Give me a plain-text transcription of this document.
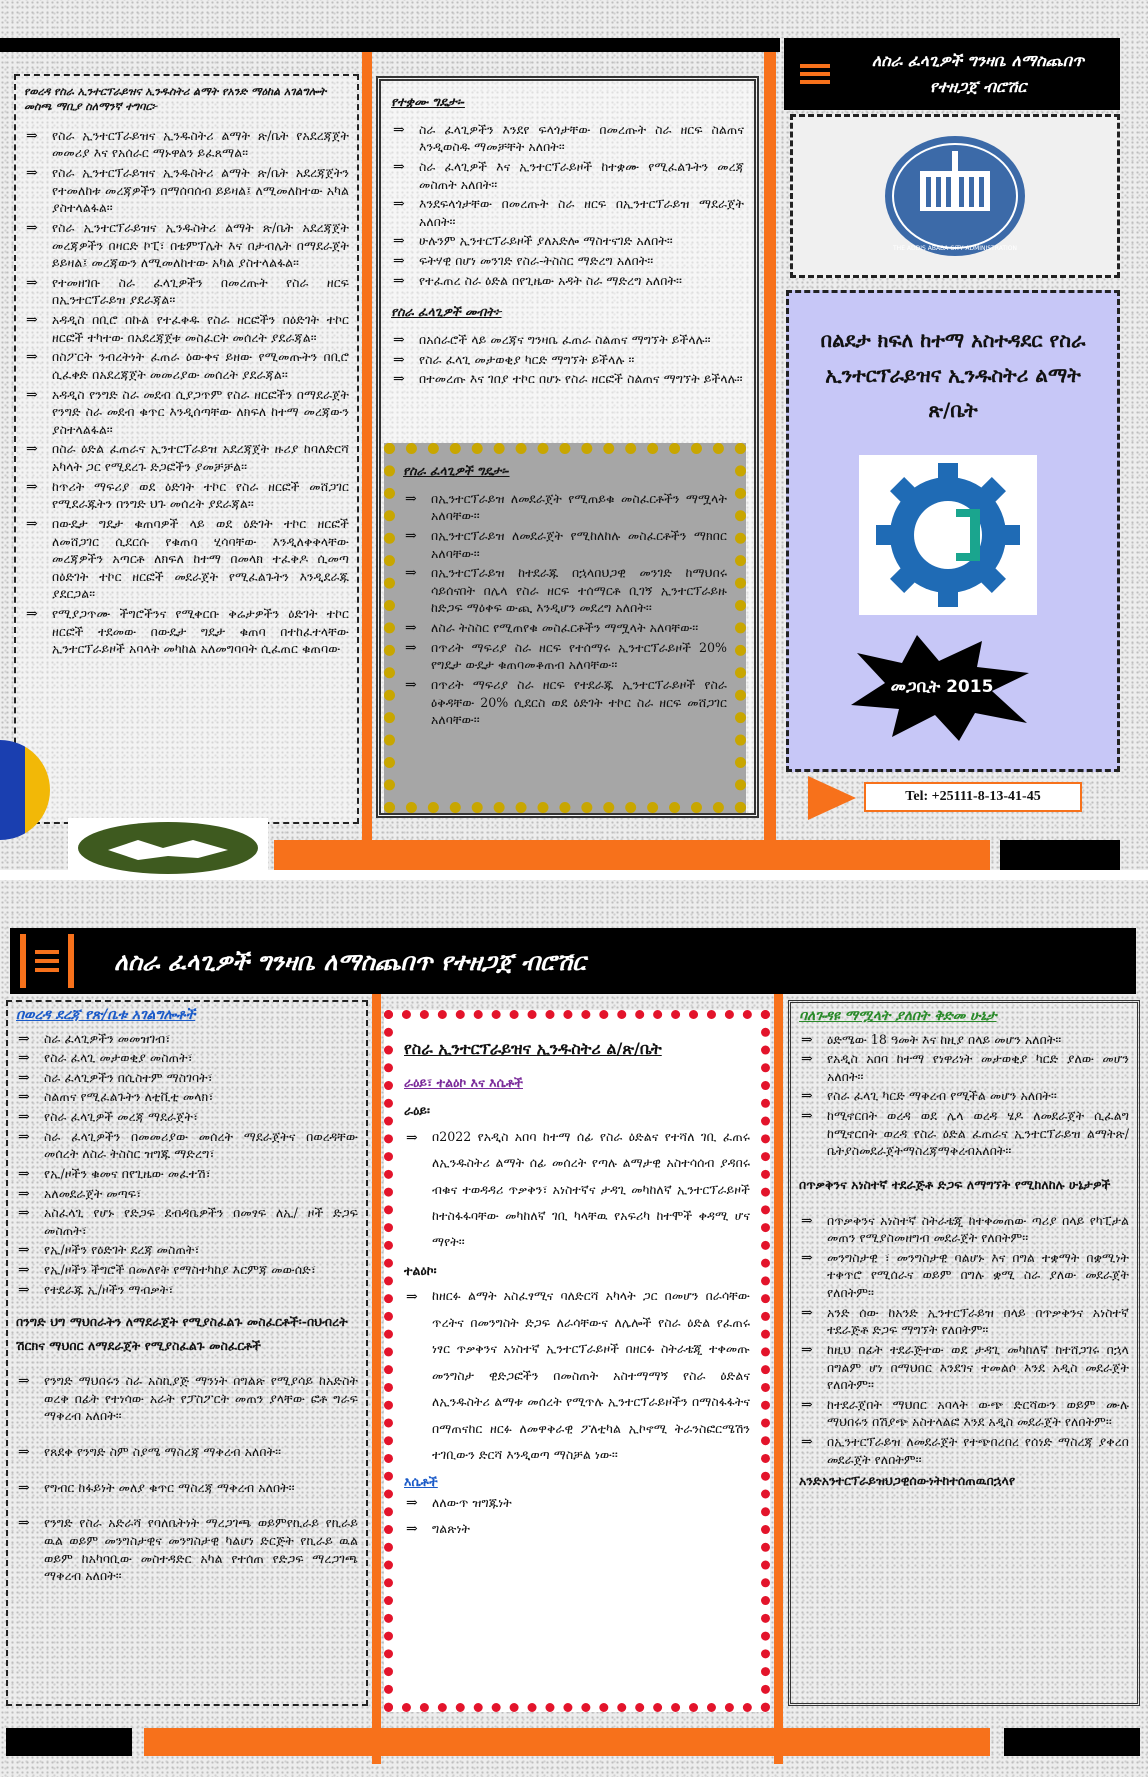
የወረዳ የስራ ኢንተርፕራይዝና ኢንዱስትሪ ልማት የአንድ ማዕከል አገልግሎት መስጫ ማቢያ ስለማንኛ ተግባር፦

⇒ የስራ ኢንተርፕራይዝና ኢንዱስትሪ ልማት ጽ/ቤት የአደረጃጀት መመሪያ እና የአሰራር ማኑዋልን ይፈጸማል፡፡
⇒ የስራ ኢንተርፕራይዝና ኢንዱስትሪ ልማት ጽ/ቤት አደረጃጀትን የተመለከቱ መረጃዎችን በማሰባሰብ ይይዛል፤ ለሚመለከተው አካል ያስተላልፋል፡፡
⇒ የስራ ኢንተርፕራይዝና ኢንዱስትሪ ልማት ጽ/ቤት አደረጃጀት መረጃዎችን በዛርድ ኮፒ፣ በቴምፕሌት እና በታብሌት በማደራጀት ይይዛል፤ መረጃውን ለሚመለከተው አካል ያስተላልፋል፡፡
⇒ የተመዘገቡ ስራ ፈላጊዎችን በመረጡት የስራ ዘርፍ በኢንተርፕራይዝ ያደራጃል፡፡
⇒ አዳዲስ በቢሮ በኩል የተፈቀዱ የስራ ዘርፎችን በዕድገት ተኮር ዘርፎች ተካተው በአደረጃጀቱ መስፈርት መሰረት ያደራጃል፡፡
⇒ በስፖርት ንብረትነት ፈጠራ ዕውቀና ይዘው የሚመጡትን በቢሮ ሲፈቀድ በአደረጃጀት መመሪያው መሰረት ያደራጃል፡፡
⇒ አዳዲስ የንግድ ስራ መደብ ሲያጋጥም የስራ ዘርፎችን በማደራጀት የንግድ ስራ መደብ ቁጥር እንዲሰጣቸው ለክፍለ ከተማ መረጃውን ያስተላልፋል፡፡
⇒ በስራ ዕድል ፈጠራና ኢንተርፕራይዝ አደረጃጀት ዙሪያ ከባለድርሻ አካላት ጋር የሚደረጉ ድጋፎችን ያመቻቻል፡፡
⇒ ከጥሪት ማፍሪያ ወደ ዕድገት ተኮር የስራ ዘርፎች መሸጋገር የሚደራጁትን በንግድ ህጉ መሰረት ያደራጃል፡፡
⇒ በውዴታ ግዴታ ቁጠባዎች ላይ ወደ ዕድገት ተኮር ዘርፎች ለመሸጋገር ሲደርሱ የቁጠባ ሂሳባቸው እንዲለቀቅላቸው መረጃዎችን አጣርቶ ለክፍለ ከተማ በመላክ ተፈቅዶ ሲመጣ በዕድገት ተኮር ዘርፎች መደራጀት የሚፈልጉትን እንዲደራጁ ያደርጋል፡፡
⇒ የሚያጋጥሙ ችግሮችንና የሚቀርቡ ቅሬታዎችን ዕድገት ተኮር ዘርፎች ተደመው በውዴታ ግዴታ ቁጠባ በተከፈተላቸው ኢንተርፕራይዞች አባላት መካከል አለመግባባት ሲፈጠር ቁጠባው

የተቋሙ ግዴታ፡-

⇒ ስራ ፈላጊዎችን እንደየ ፍላጎታቸው በመረጡት ስራ ዘርፍ ስልጠና እንዲወስዱ ማመቻቸት አለበት፡፡
⇒ ስራ ፈላጊዎች እና ኢንተርፕራይዞች ከተቋሙ የሚፈልጉትን መረጃ መስጠት አለበት፡፡
⇒ እንደፍላጎታቸው በመረጡት ስራ ዘርፍ በኢንተርፕራይዝ ማደራጀት አለበት፡፡
⇒ ሁሉንም ኢንተርፕራይዞች ያለአድሎ ማስተናገድ አለበት፡፡
⇒ ፍትሃዊ በሆነ መንገድ የስራ-ትስስር ማድረግ አለበት፡፡
⇒ የተፈጠረ ስራ ዕድል በየጊዜው አዳት ስራ ማድረግ አለበት፡፡

የስራ ፈላጊዎች መብት፦

⇒ በአሰራሮች ላይ መረጃና ግንዛቤ ፈጠራ ስልጠና ማግኘት ይችላሉ፡፡
⇒ የስራ ፈላጊ መታወቂያ ካርድ ማግኘት ይችላሉ ፡፡
⇒ በተመረጡ እና ገበያ ተኮር በሆኑ የስራ ዘርፎች ስልጠና ማግኘት ይችላሉ፡፡

የስራ ፈላጊዎች ግዴታ፡-

⇒ በኢንተርፕራይዝ ለመደራጀት የሚጠይቁ መስፈርቶችን ማሟላት አለባቸው፡፡
⇒ በኢንተርፕራይዝ ለመደራጀት የሚከለከሉ መስፈርቶችን ማክበር አለባቸው፡፡
⇒ በኢንተርፕራይዝ ከተደራጁ በኋላበህጋዊ መንገድ ከማህበሩ ሳይሰናበት በሌላ የስራ ዘርፍ ተሰማርቶ ቢገኝ ኢንተርፕራይዙ ከድጋፍ ማዕቀፍ ውጪ እንዲሆን መደረግ አለበት፡፡
⇒ ለስራ ትስስር የሚጠየቁ መስፈርቶችን ማሟላት አለባቸው፡፡
⇒ በጥሪት ማፍሪያ ስራ ዘርፍ የተሰማሩ ኢንተርፕራይዞች 20% የግዴታ ውዴታ ቁጠባመቆጠብ አለባቸው፡፡
⇒ በጥሪት ማፍሪያ ስራ ዘርፍ የተደራጁ ኢንተርፕራይዞች የስራ ዕቅዳቸው 20% ሲደርስ ወደ ዕድገት ተኮር ስራ ዘርፍ መሸጋገር አለባቸው፡፡
ለስራ ፈላጊዎች ግንዛቤ ለማስጨበጥ የተዘጋጀ ብሮሽር
THE ADDIS ABABA CITY ADMINISTRATION
በልደታ ክፍለ ከተማ አስተዳደር የስራ ኢንተርፕራይዝና ኢንዱስትሪ ልማት ጽ/ቤት
መጋቢት 2015
Tel: +25111-8-13-41-45
ለስራ ፈላጊዎች ግንዛቤ ለማስጨበጥ የተዘጋጀ ብሮሽር

በወረዳ ደረጃ የጽ/ቤቱ አገልግሎቶች

⇒ ስራ ፈላጊዎችን መመዝገብ፣
⇒ የስራ ፈላጊ መታወቂያ መስጠት፣
⇒ ስራ ፈላጊዎችን በሲስተም ማስገባት፣
⇒ ስልጠና የሚፈልጉትን ለቲቪቲ መላክ፣
⇒ የስራ ፈላጊዎች መረጃ ማደራጀት፣
⇒ ስራ ፈላጊዎችን በመመሪያው መሰረት ማደራጀትና በወረዳቸው መሰረት ለስራ ትስስር ዝግጁ ማድረግ፣
⇒ የኢ/ዞችን ቁመና በየጊዜው መፈተሽ፣
⇒ አለመደራጀት መጣፍ፣
⇒ አስፈላጊ የሆኑ የድጋፍ ደብዳቤዎችን በመፃፍ ለኢ/ ዞች ድጋፍ መስጠት፣
⇒ የኢ/ዞችን የዕድገት ደረጃ መስጠት፣
⇒ የኢ/ዞችን ችግሮች በመለየት የማስተካከያ እርምጃ መውሰድ፣
⇒ የተደራጁ ኢ/ዞችን ማብቃት፣

በንግድ ህግ ማህበራትን ለማደራጀት የሚያስፈልጉ መስፈርቶች፡-በህብረት ሽርክና ማህበር ለማደራጀት የሚያስፈልጉ መስፈርቶች

⇒ የንግድ ማህበሩን ስራ አስኪያጅ ማንነት በግልጽ የሚያሳይ ከአድስት ወረቅ በፊት የተነሳው አራት የፓስፖርት መጠን ያላቸው ፎቶ ግራፍ ማቅረብ አለበት፡፡
⇒ የጸደቀ የንግድ ስም ስያሜ ማስረጃ ማቅረብ አለበት፡፡
⇒ የግብር ከፋይነት መለያ ቁጥር ማስረጃ ማቅረብ አለበት፡፡
⇒ የንግድ የስራ አድራሻ የባለቤትነት ማረጋገጫ ወይምየኪራይ የኪራይ ዉል ወይም መንግስታዊና መንግስታዊ ካልሆነ ድርጅት የኪራይ ዉል ወይም ከአካባቢው መስተዳድር አካል የተሰጠ የድጋፍ ማረጋገጫ ማቅረብ አለበት፡፡

የስራ ኢንተርፕራይዝና ኢንዱስትሪ ል/ጽ/ቤት

ራዕይ፣ ተልዕኮ እና እሴቶች

ራዕይ፡

⇒ በ2022 የአዲስ አበባ ከተማ ሰፊ የስራ ዕድልና የተሻለ ገቢ ፈጠሩ ለኢንዱስትሪ ልማት ሰፊ መሰረት የጣሉ ልማታዊ አስተሳሰብ ያዳበሩ ብቁና ተወዳዳሪ ጥቃቅን፣ አነስተኛና ታዳጊ መካከለኛ ኢንተርፕራይዞች ከተስፋፋባቸው መካከለኛ ገቢ ካላቸዉ የአፍሪካ ከተሞች ቀዳሚ ሆና ማየት፡፡

ተልዕኮ፡

⇒ ከዘርፉ ልማት አስፈፃሚና ባለድርሻ አካላት ጋር በመሆን በራሳቸው ጥረትና በመንግስት ድጋፍ ለራሳቸውና ለሌሎች የስራ ዕድል የፈጠሩ ነፃር ጥቃቅንና አነስተኛ ኢንተርፕራይዞች በዘርፉ ስትራቴጂ ተቀመጡ መንግስታ ዊድጋፎችን በመስጠት አስተማማኝ የስራ ዕድልና ለኢንዱስትሪ ልማቱ መሰረት የሚጥሉ ኢንተርፕራይዞችን በማስፋፋትና በማጠናከር ዘርፉ ለመዋቅራዊ ፖለቲካል ኢኮኖሚ ትራንስፎርሜሽን ተገቢውን ድርሻ እንዲወጣ ማስቻል ነው፡፡

እሴቶች

⇒ ለለውጥ ዝግጁነት
⇒ ግልጽነት

ባለጉዳዩ ማሟላት ያለበት ቅድመ ሁኔታ

⇒ ዕድሜው 18 ዓመት እና ከዚያ በላይ መሆን አለበት፡፡
⇒ የአዲስ አበባ ከተማ የነዋሪነት መታወቂያ ካርድ ያለው መሆን አለበት፡፡
⇒ የስራ ፈላጊ ካርድ ማቅረብ የሚችል መሆን አለበት፡፡
⇒ ከሚኖርበት ወረዳ ወደ ሌላ ወረዳ ሄዶ ለመደራጀት ሲፈልግ ከሚኖርበት ወረዳ የስራ ዕድል ፈጠራና ኢንተርፕራይዝ ልማትጽ/ ቤትያስመደራጀትማስረጃማቅረብአለበት፡፡

በጥቃቅንና አነስተኛ ተደራጅቶ ድጋፍ ለማግኘት የሚከለከሉ ሁኔታዎች

⇒ በጥቃቅንና አነስተኛ ስትራቴጂ ከተቀመጠው ጣሪያ በላይ የካፒታል መጠን የሚያስመዘግብ መደራጀት የለበትም፡፡
⇒ መንግስታዊ ፣ መንግስታዊ ባልሆኑ እና በግል ተቋማት በቋሚነት ተቀጥሮ የሚሰራና ወይም በግሉ ቋሚ ስራ ያለው መደራጀት የለበትም፡፡
⇒ አንድ ሰው ከአንድ ኢንተርፕራይዝ በላይ በጥቃቅንና አነስተኛ ተደራጅቶ ድጋፍ ማግኘት የለበትም፡፡
⇒ ከዚህ በፊት ተደራጅተው ወደ ታዳጊ መካከለኛ ከተሸጋገሩ በኋላ በግልም ሆነ በማህበር እንደገና ተመልሶ እንደ አዲስ መደራጀት የለበትም፡፡
⇒ ከተደራጀበት ማህበር አባላት ውጭ ድርሻውን ወይም ሙሉ ማህበሩን በሽያጭ አስተላልፎ እንደ አዲስ መደራጀት የለበትም፡፡
⇒ በኢንተርፕራይዝ ለመደራጀት የተጭበረበረ የሰነድ ማስረጃ ያቀረበ መደራጀት የለበትም፡፡

አንድአንተርፕራይዝህጋዊሰውነትከተሰጠዉበኋላየ
